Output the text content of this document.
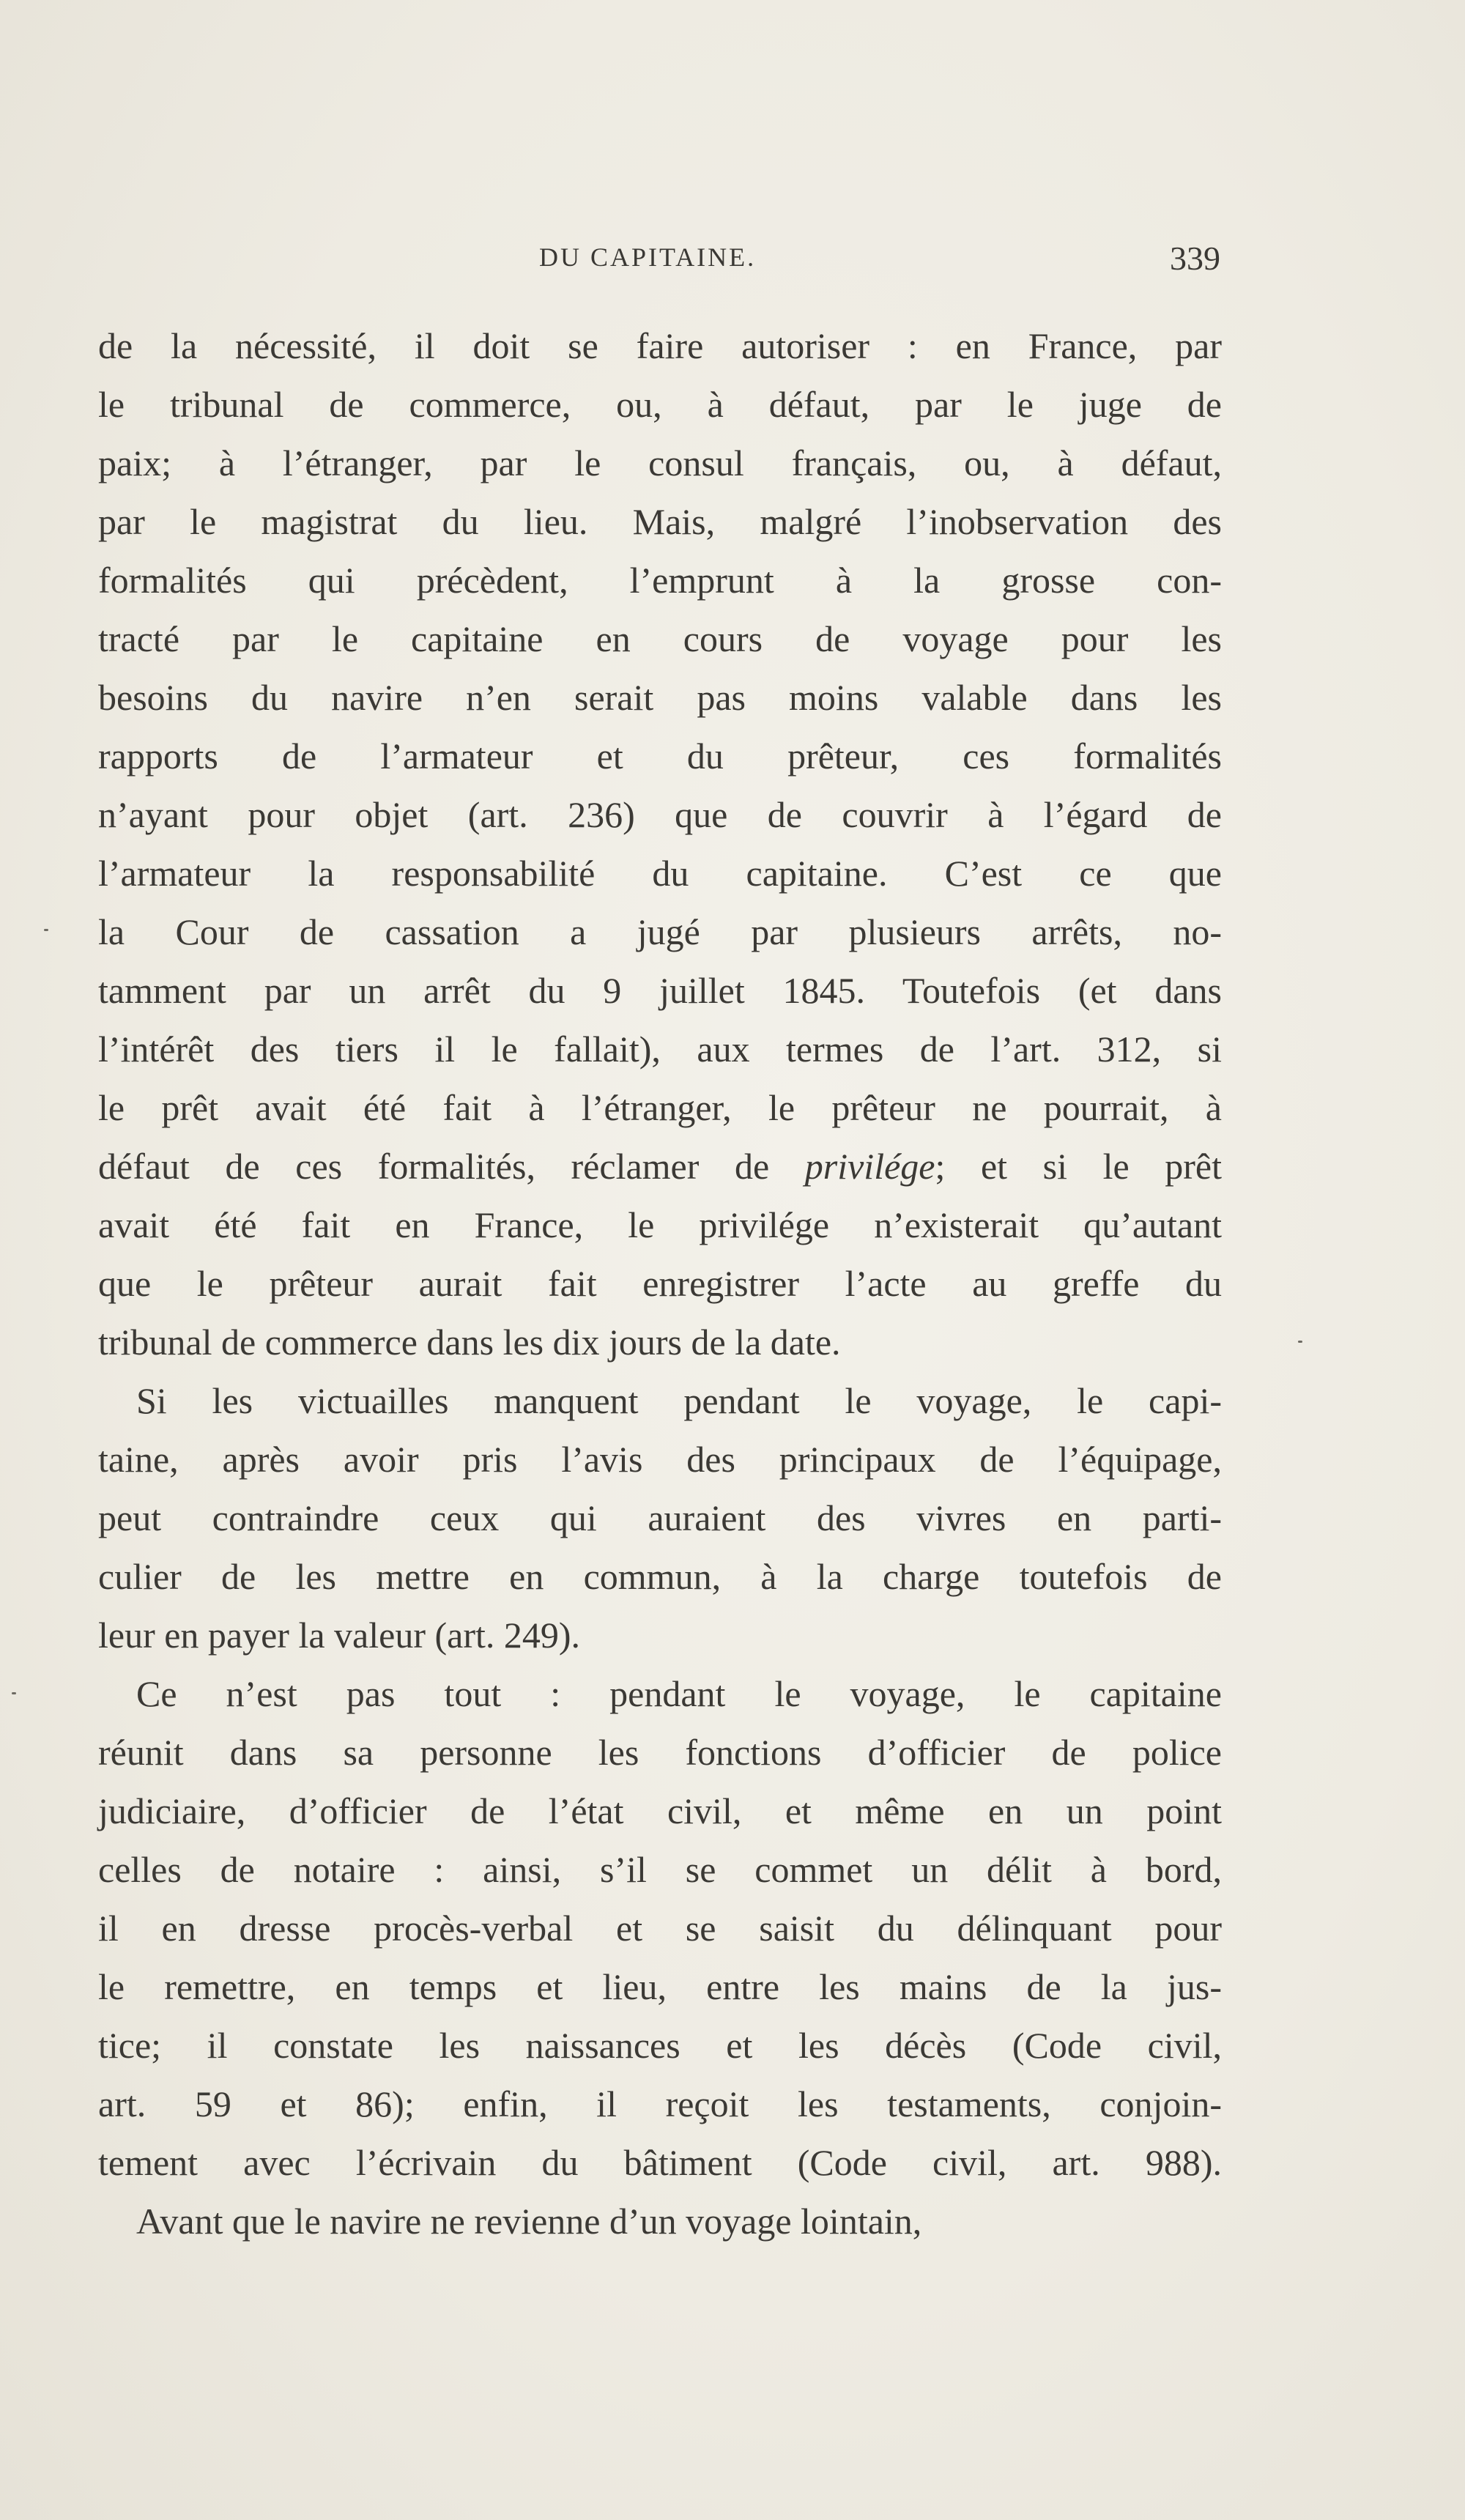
DU CAPITAINE.	339
de la nécessité, il doit se faire autoriser : en France, par
le tribunal de commerce, ou, à défaut, par le juge de
paix; à l’étranger, par le consul français, ou, à défaut,
par le magistrat du lieu. Mais, malgré l’inobservation des
formalités qui précèdent, l’emprunt à la grosse con-
tracté par le capitaine en cours de voyage pour les
besoins du navire n’en serait pas moins valable dans les
rapports de l’armateur et du prêteur, ces formalités
n’ayant pour objet (art. 236) que de couvrir à l’égard de
l’armateur la responsabilité du capitaine. C’est ce que
la Cour de cassation a jugé par plusieurs arrêts, no-
tamment par un arrêt du 9 juillet 1845. Toutefois (et dans
l’intérêt des tiers il le fallait), aux termes de l’art. 312, si
le prêt avait été fait à l’étranger, le prêteur ne pourrait, à
défaut de ces formalités, réclamer de privilége; et si le prêt
avait été fait en France, le privilége n’existerait qu’autant
que le prêteur aurait fait enregistrer l’acte au greffe du
tribunal de commerce dans les dix jours de la date.
Si les victuailles manquent pendant le voyage, le capi-
taine, après avoir pris l’avis des principaux de l’équipage,
peut contraindre ceux qui auraient des vivres en parti-
culier de les mettre en commun, à la charge toutefois de
leur en payer la valeur (art. 249).
Ce n’est pas tout : pendant le voyage, le capitaine
réunit dans sa personne les fonctions d’officier de police
judiciaire, d’officier de l’état civil, et même en un point
celles de notaire : ainsi, s’il se commet un délit à bord,
il en dresse procès-verbal et se saisit du délinquant pour
le remettre, en temps et lieu, entre les mains de la jus-
tice; il constate les naissances et les décès (Code civil,
art. 59 et 86); enfin, il reçoit les testaments, conjoin-
tement avec l’écrivain du bâtiment (Code civil, art. 988).
Avant que le navire ne revienne d’un voyage lointain,
